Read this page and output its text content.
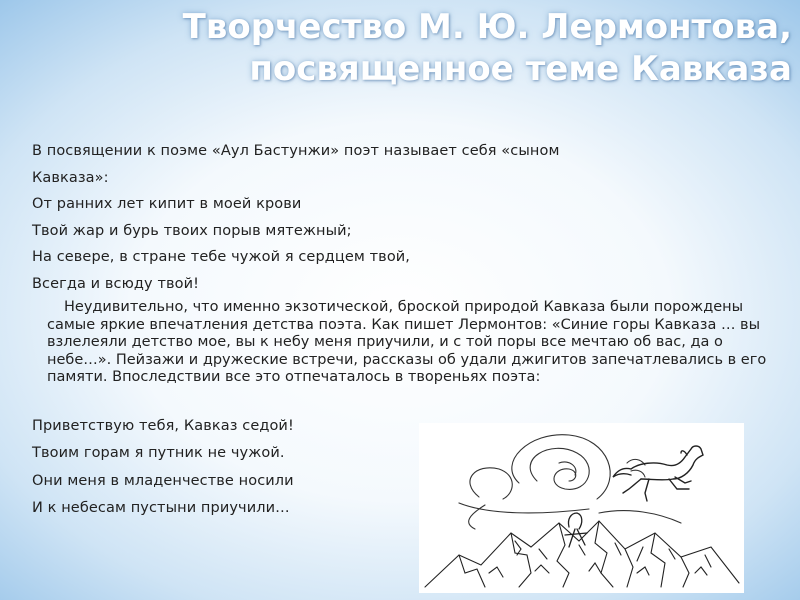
Творчество М. Ю. Лермонтова,
посвященное теме Кавказа
В посвящении к поэме «Аул Бастунжи» поэт называет себя «сыном
Кавказа»:
От ранних лет кипит в моей крови
Твой жар и бурь твоих порыв мятежный;
На севере, в стране тебе чужой я сердцем твой,
Всегда и всюду твой!
Неудивительно, что именно экзотической, броской природой Кавказа были порождены самые яркие впечатления детства поэта. Как пишет Лермонтов: «Синие горы Кавказа … вы взлелеяли детство мое, вы к небу меня приучили, и с той поры все мечтаю об вас, да о небе…». Пейзажи и дружеские встречи, рассказы об удали джигитов запечатлевались в его памяти. Впоследствии все это отпечаталось в твореньях поэта:
Приветствую тебя, Кавказ седой!
Твоим горам я путник не чужой.
Они меня в младенчестве носили
И к небесам пустыни приучили…
